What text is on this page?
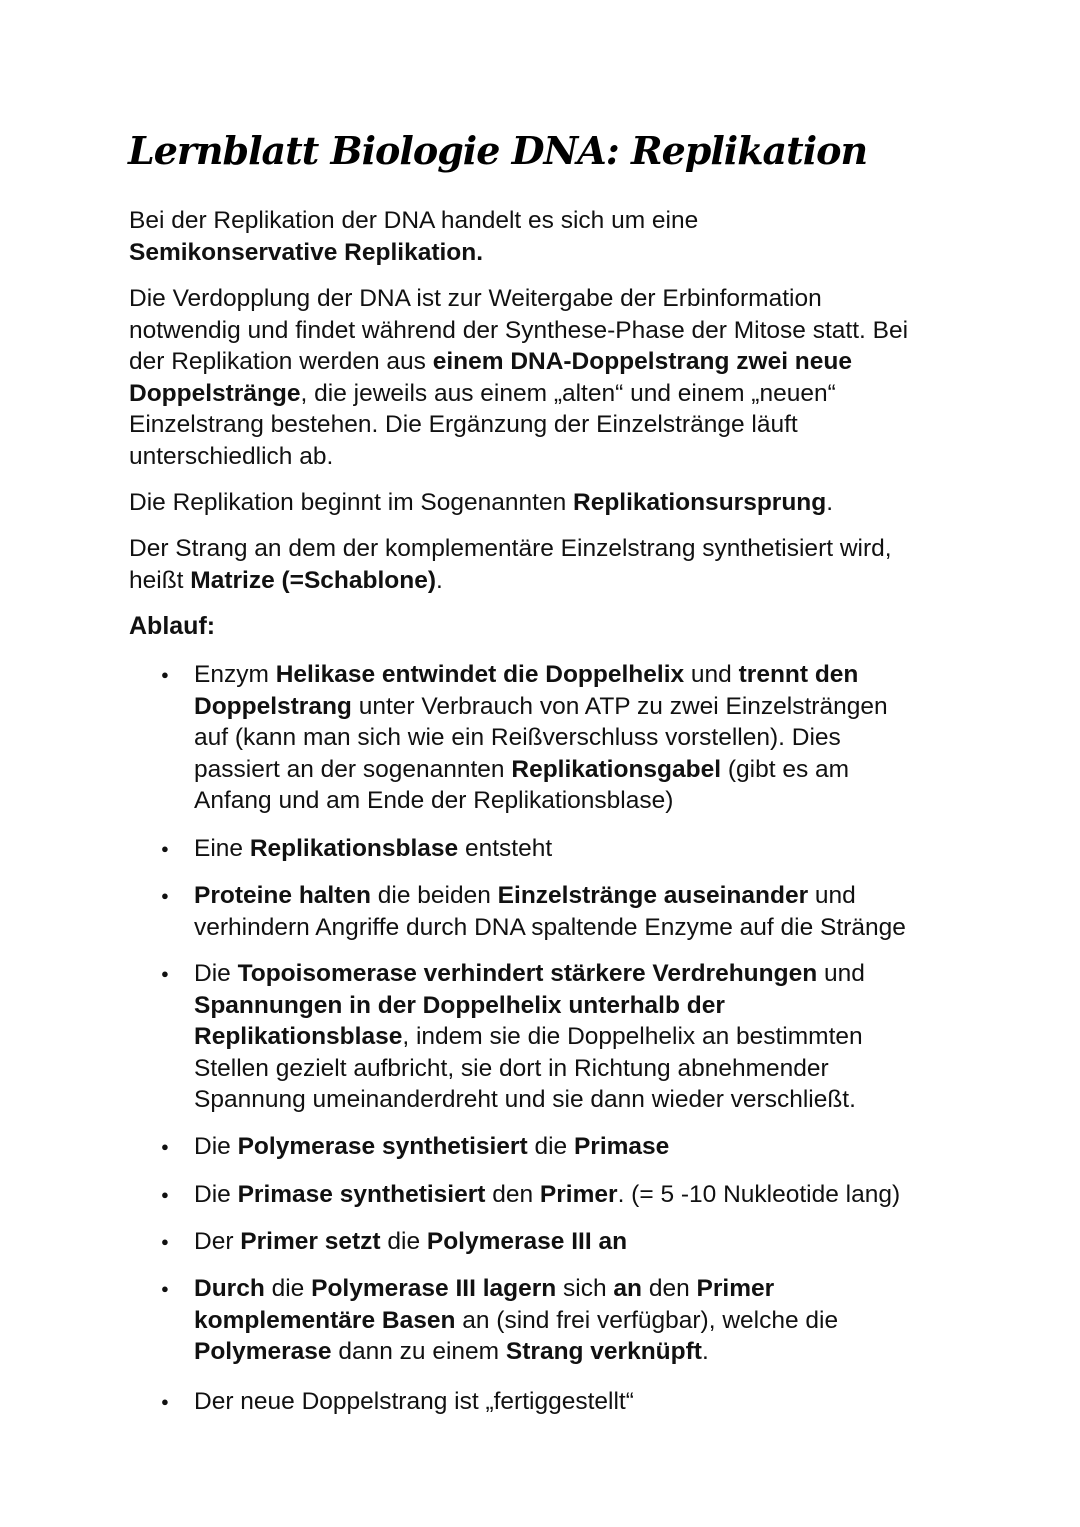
Lernblatt Biologie DNA: Replikation
Bei der Replikation der DNA handelt es sich um eine
Semikonservative Replikation.
Die Verdopplung der DNA ist zur Weitergabe der Erbinformation
notwendig und findet während der Synthese-Phase der Mitose statt. Bei
der Replikation werden aus einem DNA-Doppelstrang zwei neue
Doppelstränge, die jeweils aus einem „alten“ und einem „neuen“
Einzelstrang bestehen. Die Ergänzung der Einzelstränge läuft
unterschiedlich ab.
Die Replikation beginnt im Sogenannten Replikationsursprung.
Der Strang an dem der komplementäre Einzelstrang synthetisiert wird,
heißt Matrize (=Schablone).
Ablauf:
● Enzym Helikase entwindet die Doppelhelix und trennt den
Doppelstrang unter Verbrauch von ATP zu zwei Einzelsträngen
auf (kann man sich wie ein Reißverschluss vorstellen). Dies
passiert an der sogenannten Replikationsgabel (gibt es am
Anfang und am Ende der Replikationsblase)
● Eine Replikationsblase entsteht
● Proteine halten die beiden Einzelstränge auseinander und
verhindern Angriffe durch DNA spaltende Enzyme auf die Stränge
● Die Topoisomerase verhindert stärkere Verdrehungen und
Spannungen in der Doppelhelix unterhalb der
Replikationsblase, indem sie die Doppelhelix an bestimmten
Stellen gezielt aufbricht, sie dort in Richtung abnehmender
Spannung umeinanderdreht und sie dann wieder verschließt.
● Die Polymerase synthetisiert die Primase
● Die Primase synthetisiert den Primer. (= 5 -10 Nukleotide lang)
● Der Primer setzt die Polymerase III an
● Durch die Polymerase III lagern sich an den Primer
komplementäre Basen an (sind frei verfügbar), welche die
Polymerase dann zu einem Strang verknüpft.
● Der neue Doppelstrang ist „fertiggestellt“
